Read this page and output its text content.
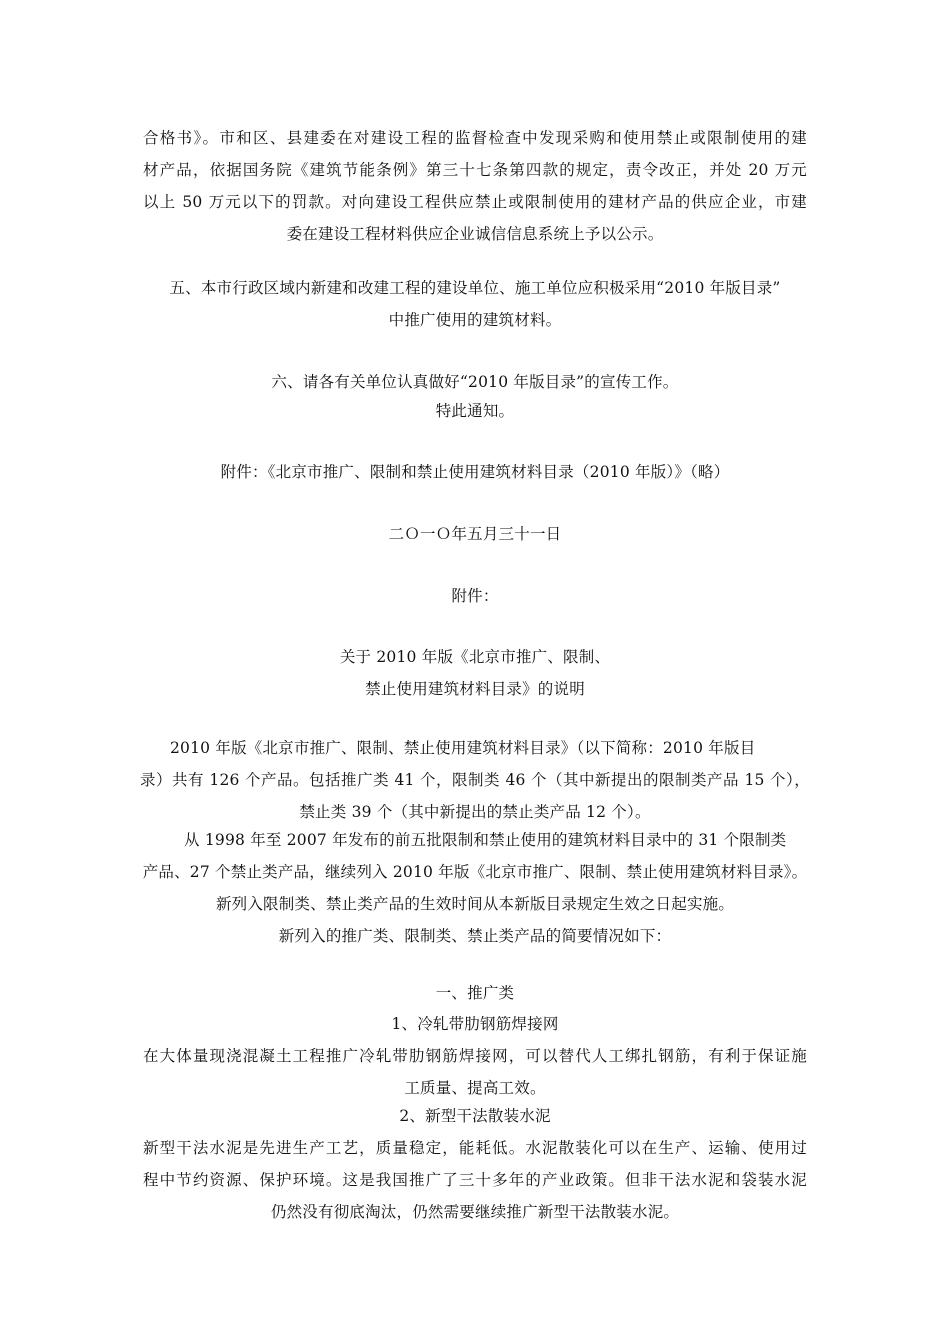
合格书》。市和区、县建委在对建设工程的监督检查中发现采购和使用禁止或限制使用的建
材产品，依据国务院《建筑节能条例》第三十七条第四款的规定，责令改正，并处 20 万元
以上 50 万元以下的罚款。对向建设工程供应禁止或限制使用的建材产品的供应企业，市建
委在建设工程材料供应企业诚信信息系统上予以公示。
五、本市行政区域内新建和改建工程的建设单位、施工单位应积极采用“2010 年版目录”
中推广使用的建筑材料。
六、请各有关单位认真做好“2010 年版目录”的宣传工作。
特此通知。
附件：《北京市推广、限制和禁止使用建筑材料目录（2010 年版）》（略）
二Ｏ一Ｏ年五月三十一日
附件：
关于 2010 年版《北京市推广、限制、
禁止使用建筑材料目录》的说明
2010 年版《北京市推广、限制、禁止使用建筑材料目录》（以下简称：2010 年版目
录）共有 126 个产品。包括推广类 41 个，限制类 46 个（其中新提出的限制类产品 15 个），
禁止类 39 个（其中新提出的禁止类产品 12 个）。
从 1998 年至 2007 年发布的前五批限制和禁止使用的建筑材料目录中的 31 个限制类
产品、27 个禁止类产品，继续列入 2010 年版《北京市推广、限制、禁止使用建筑材料目录》。
新列入限制类、禁止类产品的生效时间从本新版目录规定生效之日起实施。
新列入的推广类、限制类、禁止类产品的简要情况如下：
一、推广类
1、冷轧带肋钢筋焊接网
在大体量现浇混凝土工程推广冷轧带肋钢筋焊接网，可以替代人工绑扎钢筋，有利于保证施
工质量、提高工效。
2、新型干法散装水泥
新型干法水泥是先进生产工艺，质量稳定，能耗低。水泥散装化可以在生产、运输、使用过
程中节约资源、保护环境。这是我国推广了三十多年的产业政策。但非干法水泥和袋装水泥
仍然没有彻底淘汰，仍然需要继续推广新型干法散装水泥。
